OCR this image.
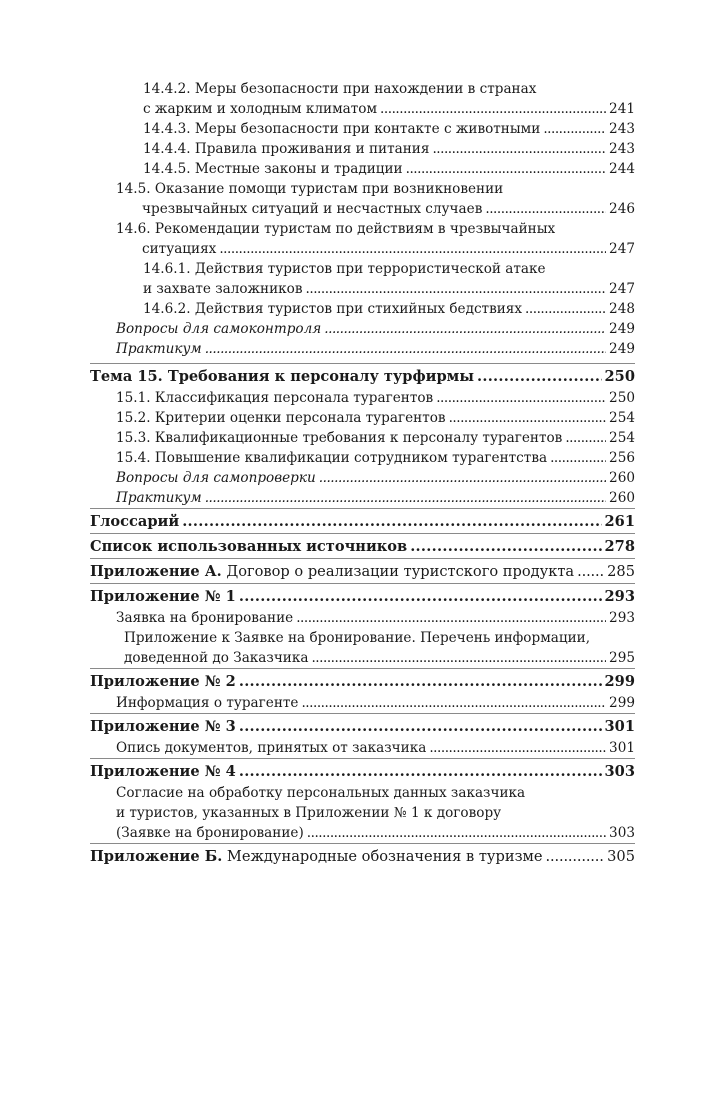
14.4.2. Меры безопасности при нахождении в странах
с жарким и холодным климатом . . .	241
14.4.3. Меры безопасности при контакте с животными . . .	243
14.4.4. Правила проживания и питания . . .	243
14.4.5. Местные законы и традиции . . .	244
14.5. Оказание помощи туристам при возникновении
чрезвычайных ситуаций и несчастных случаев . . .	246
14.6. Рекомендации туристам по действиям в чрезвычайных
ситуациях . . .	247
14.6.1. Действия туристов при террористической атаке
и захвате заложников . . .	247
14.6.2. Действия туристов при стихийных бедствиях . . .	248
Вопросы для самоконтроля . . .	249
Практикум . . .	249
Тема 15. Требования к персоналу турфирмы . . .	250
15.1. Классификация персонала турагентов . . .	250
15.2. Критерии оценки персонала турагентов . . .	254
15.3. Квалификационные требования к персоналу турагентов . . .	254
15.4. Повышение квалификации сотрудником турагентства . . .	256
Вопросы для самопроверки . . .	260
Практикум . . .	260
Глоссарий . . .	261
Список использованных источников . . .	278
Приложение А. Договор о реализации туристского продукта . . . 285
Приложение № 1 . . .	293
Заявка на бронирование . . .	293
Приложение к Заявке на бронирование. Перечень информации,
доведенной до Заказчика . . .	295
Приложение № 2 . . .	299
Информация о турагенте . . .	299
Приложение № 3 . . .	301
Опись документов, принятых от заказчика . . .	301
Приложение № 4 . . .	303
Согласие на обработку персональных данных заказчика
и туристов, указанных в Приложении № 1 к договору
(Заявке на бронирование) . . .	303
Приложение Б. Международные обозначения в туризме . . .	305
